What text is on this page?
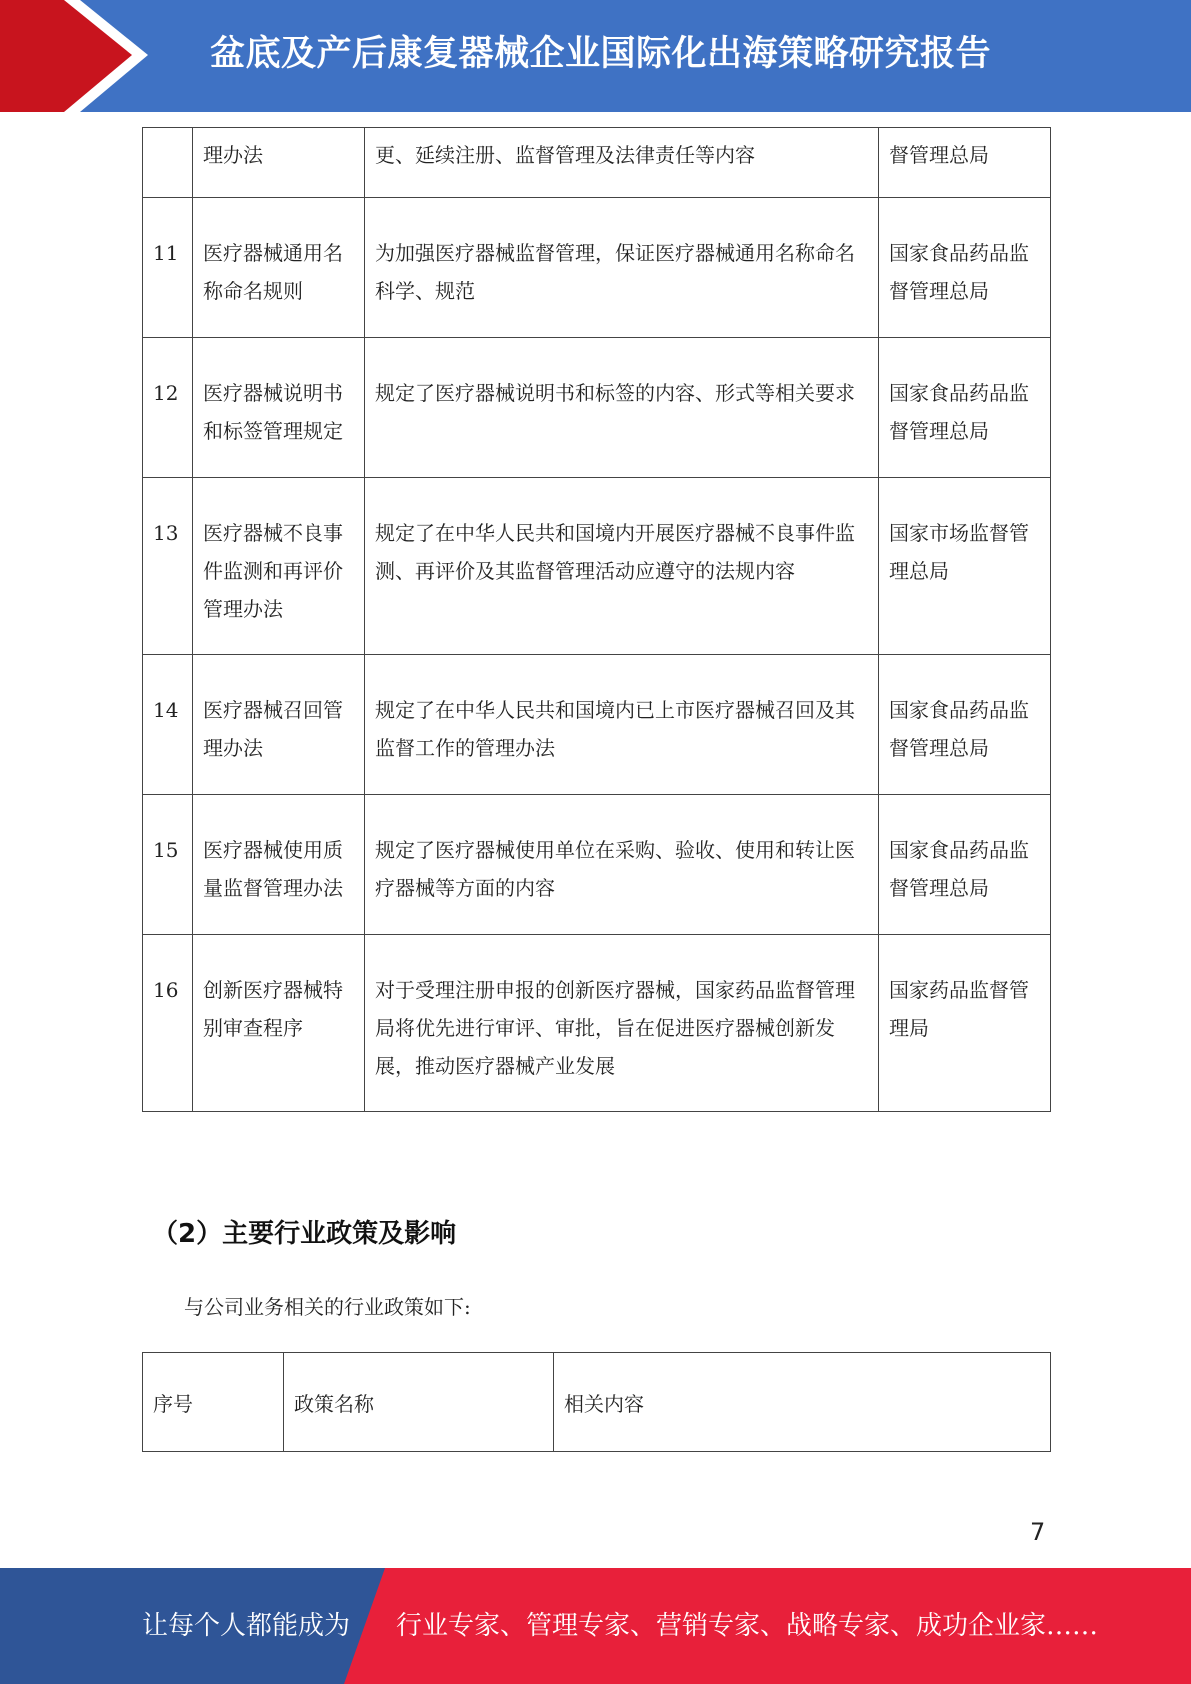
盆底及产后康复器械企业国际化出海策略研究报告
	理办法	更、延续注册、监督管理及法律责任等内容	督管理总局
11	医疗器械通用名称命名规则	为加强医疗器械监督管理，保证医疗器械通用名称命名科学、规范	国家食品药品监督管理总局
12	医疗器械说明书和标签管理规定	规定了医疗器械说明书和标签的内容、形式等相关要求	国家食品药品监督管理总局
13	医疗器械不良事件监测和再评价管理办法	规定了在中华人民共和国境内开展医疗器械不良事件监测、再评价及其监督管理活动应遵守的法规内容	国家市场监督管理总局
14	医疗器械召回管理办法	规定了在中华人民共和国境内已上市医疗器械召回及其监督工作的管理办法	国家食品药品监督管理总局
15	医疗器械使用质量监督管理办法	规定了医疗器械使用单位在采购、验收、使用和转让医疗器械等方面的内容	国家食品药品监督管理总局
16	创新医疗器械特别审查程序	对于受理注册申报的创新医疗器械，国家药品监督管理局将优先进行审评、审批，旨在促进医疗器械创新发展，推动医疗器械产业发展	国家药品监督管理局
（2）主要行业政策及影响
与公司业务相关的行业政策如下:
序号	政策名称	相关内容
7
让每个人都能成为 行业专家、管理专家、营销专家、战略专家、成功企业家……
